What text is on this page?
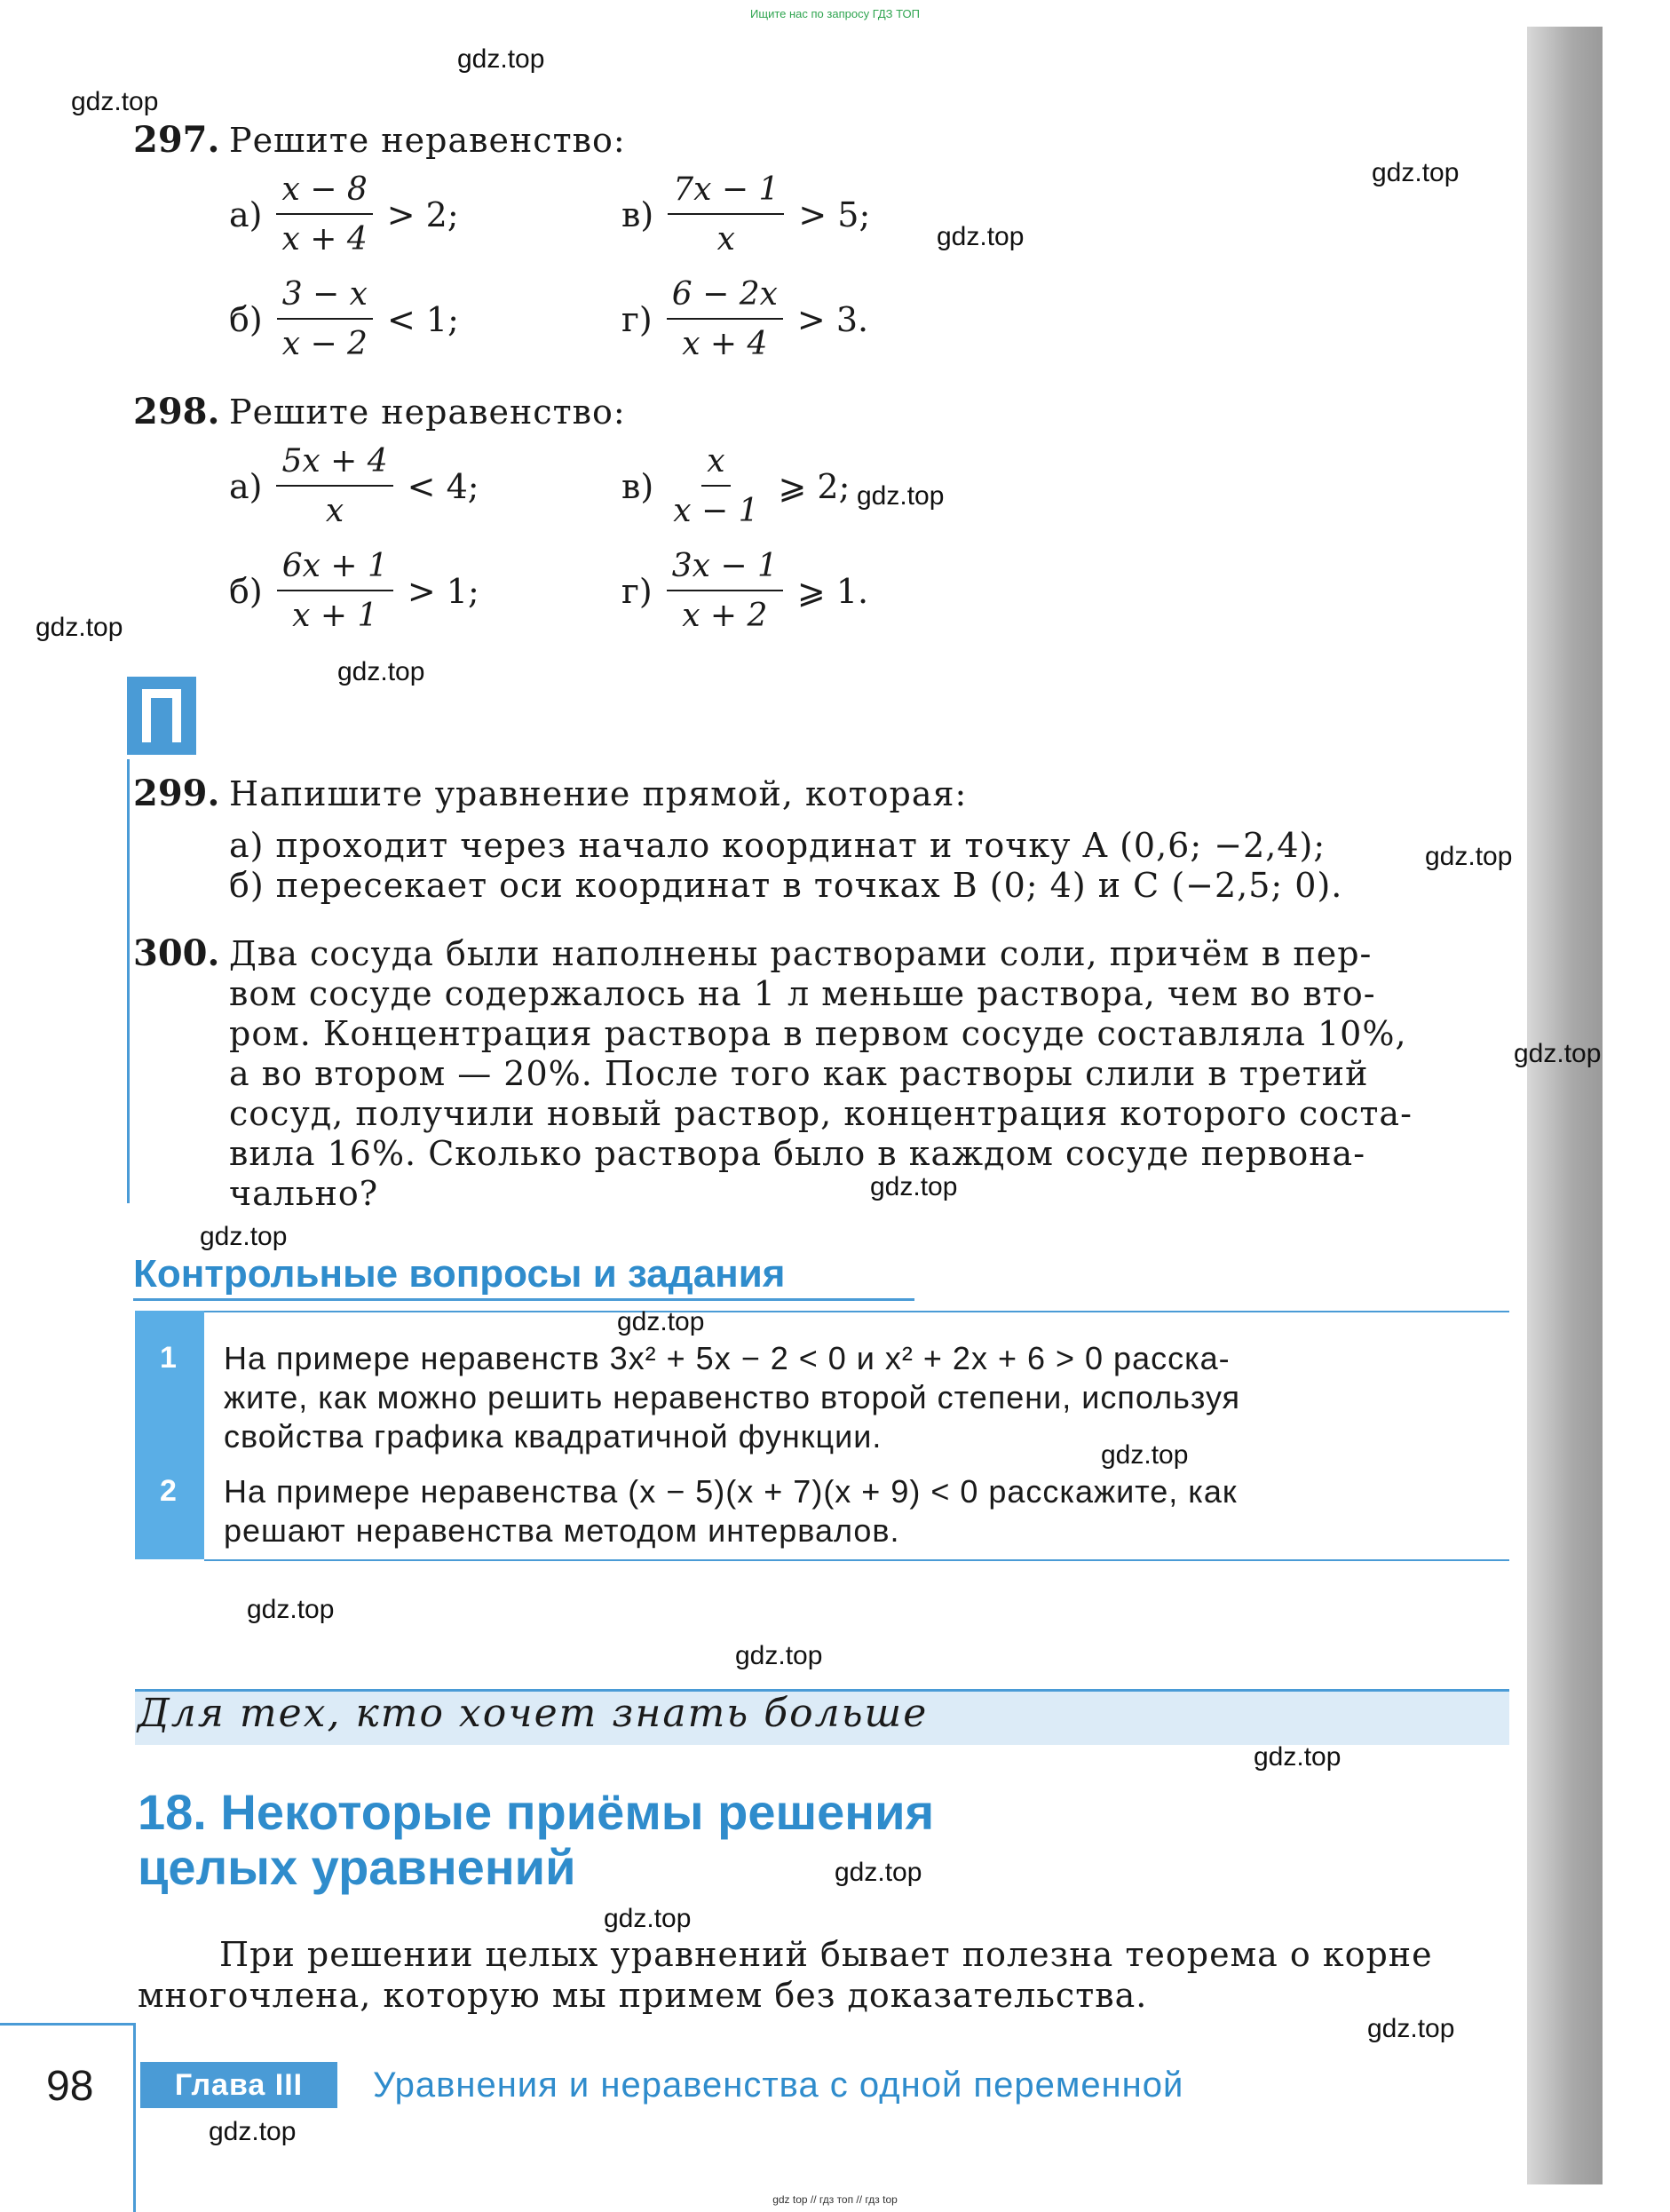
Ищите нас по запросу ГДЗ ТОП
297. Решите неравенство:
$а) \frac{x - 8}{x + 4} > 2$;	$в) \frac{7x - 1}{x} > 5$;
$б) \frac{3 - x}{x - 2} < 1$;	$г) \frac{6 - 2x}{x + 4} > 3$.
298. Решите неравенство:
$а) \frac{5x + 4}{x} < 4$;	$в) \frac{x}{x - 1}$ ⩾ 2;
$б) \frac{6x + 1}{x + 1} > 1$;	$г) \frac{3x - 1}{x + 2}$ ⩾ 1.
299. Напишите уравнение прямой, которая:
а) проходит через начало координат и точку A (0,6; −2,4);
б) пересекает оси координат в точках B (0; 4) и C (−2,5; 0).
300. Два сосуда были наполнены растворами соли, причём в пер-
вом сосуде содержалось на 1 л меньше раствора, чем во вто-
ром. Концентрация раствора в первом сосуде составляла 10%,
а во втором — 20%. После того как растворы слили в третий
сосуд, получили новый раствор, концентрация которого соста-
вила 16%. Сколько раствора было в каждом сосуде первона-
чально?
Контрольные вопросы и задания
1
2
На примере неравенств 3x² + 5x − 2 < 0 и x² + 2x + 6 > 0 расска-
жите, как можно решить неравенство второй степени, используя
свойства графика квадратичной функции.
На примере неравенства (x − 5)(x + 7)(x + 9) < 0 расскажите, как
решают неравенства методом интервалов.
Для тех, кто хочет знать больше
18. Некоторые приёмы решения
целых уравнений
При решении целых уравнений бывает полезна теорема о корне
многочлена, которую мы примем без доказательства.
98	Глава III	Уравнения и неравенства с одной переменной
gdz top // гдз топ // гдз top
gdz.top
gdz.top
gdz.top
gdz.top
gdz.top
gdz.top
gdz.top
gdz.top
gdz.top
gdz.top
gdz.top
gdz.top
gdz.top
gdz.top
gdz.top
gdz.top
gdz.top
gdz.top
gdz.top
gdz.top
